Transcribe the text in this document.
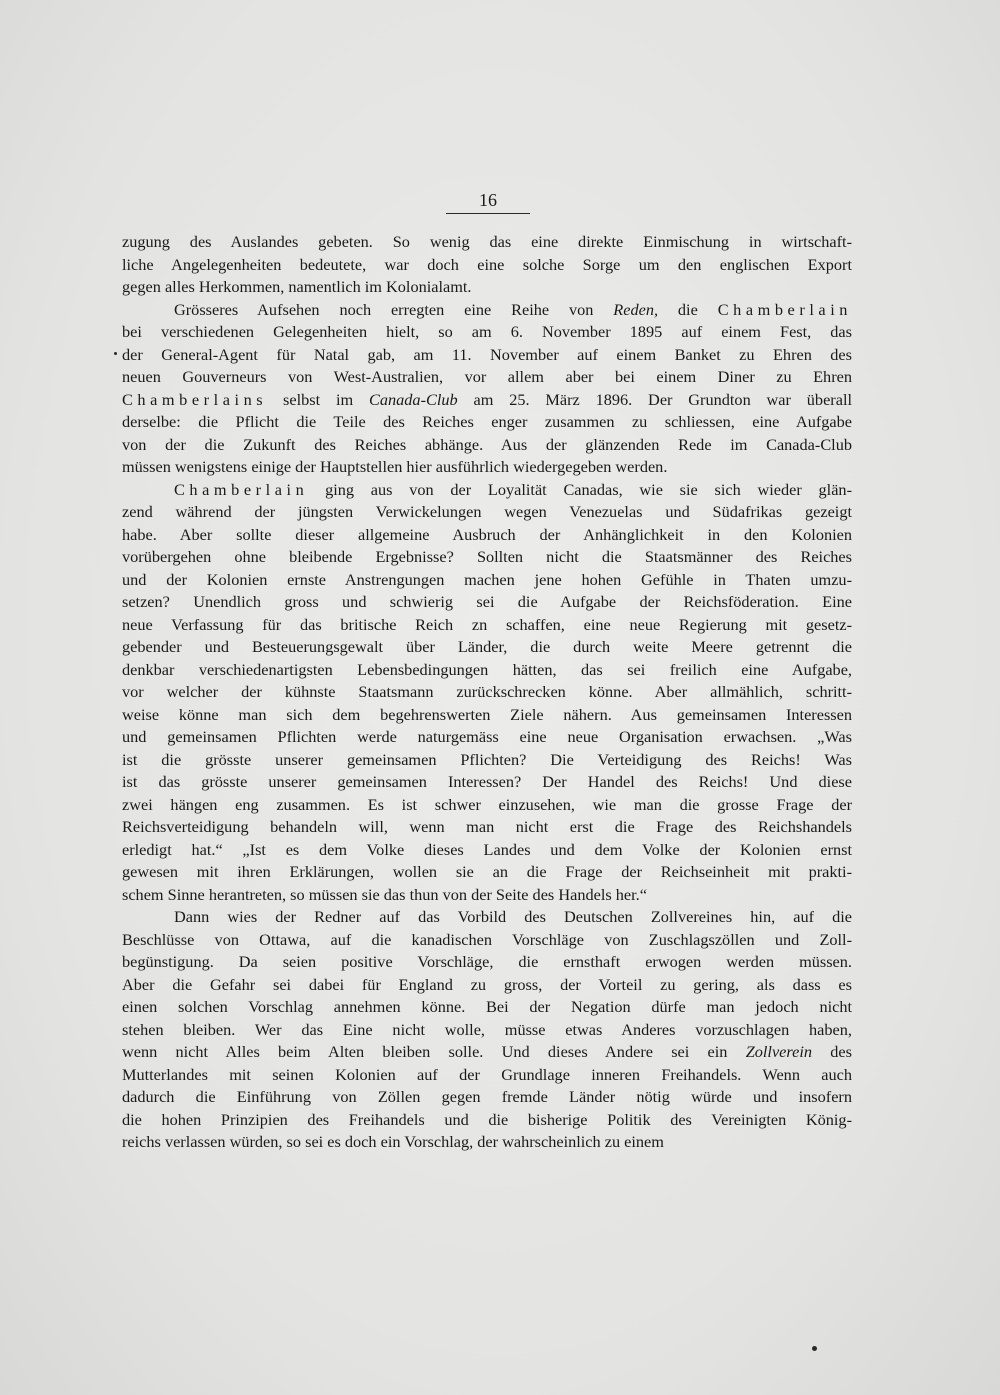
16
zugung des Auslandes gebeten. So wenig das eine direkte Einmischung in wirtschaft-
liche Angelegenheiten bedeutete, war doch eine solche Sorge um den englischen Export
gegen alles Herkommen, namentlich im Kolonialamt.
Grösseres Aufsehen noch erregten eine Reihe von Reden, die Chamberlain
bei verschiedenen Gelegenheiten hielt, so am 6. November 1895 auf einem Fest, das
der General-Agent für Natal gab, am 11. November auf einem Banket zu Ehren des
neuen Gouverneurs von West-Australien, vor allem aber bei einem Diner zu Ehren
Chamberlains selbst im Canada-Club am 25. März 1896. Der Grundton war überall
derselbe: die Pflicht die Teile des Reiches enger zusammen zu schliessen, eine Aufgabe
von der die Zukunft des Reiches abhänge. Aus der glänzenden Rede im Canada-Club
müssen wenigstens einige der Hauptstellen hier ausführlich wiedergegeben werden.
Chamberlain ging aus von der Loyalität Canadas, wie sie sich wieder glän-
zend während der jüngsten Verwickelungen wegen Venezuelas und Südafrikas gezeigt
habe. Aber sollte dieser allgemeine Ausbruch der Anhänglichkeit in den Kolonien
vorübergehen ohne bleibende Ergebnisse? Sollten nicht die Staatsmänner des Reiches
und der Kolonien ernste Anstrengungen machen jene hohen Gefühle in Thaten umzu-
setzen? Unendlich gross und schwierig sei die Aufgabe der Reichsföderation. Eine
neue Verfassung für das britische Reich zn schaffen, eine neue Regierung mit gesetz-
gebender und Besteuerungsgewalt über Länder, die durch weite Meere getrennt die
denkbar verschiedenartigsten Lebensbedingungen hätten, das sei freilich eine Aufgabe,
vor welcher der kühnste Staatsmann zurückschrecken könne. Aber allmählich, schritt-
weise könne man sich dem begehrenswerten Ziele nähern. Aus gemeinsamen Interessen
und gemeinsamen Pflichten werde naturgemäss eine neue Organisation erwachsen. „Was
ist die grösste unserer gemeinsamen Pflichten? Die Verteidigung des Reichs! Was
ist das grösste unserer gemeinsamen Interessen? Der Handel des Reichs! Und diese
zwei hängen eng zusammen. Es ist schwer einzusehen, wie man die grosse Frage der
Reichsverteidigung behandeln will, wenn man nicht erst die Frage des Reichshandels
erledigt hat.“ „Ist es dem Volke dieses Landes und dem Volke der Kolonien ernst
gewesen mit ihren Erklärungen, wollen sie an die Frage der Reichseinheit mit prakti-
schem Sinne herantreten, so müssen sie das thun von der Seite des Handels her.“
Dann wies der Redner auf das Vorbild des Deutschen Zollvereines hin, auf die
Beschlüsse von Ottawa, auf die kanadischen Vorschläge von Zuschlagszöllen und Zoll-
begünstigung. Da seien positive Vorschläge, die ernsthaft erwogen werden müssen.
Aber die Gefahr sei dabei für England zu gross, der Vorteil zu gering, als dass es
einen solchen Vorschlag annehmen könne. Bei der Negation dürfe man jedoch nicht
stehen bleiben. Wer das Eine nicht wolle, müsse etwas Anderes vorzuschlagen haben,
wenn nicht Alles beim Alten bleiben solle. Und dieses Andere sei ein Zollverein des
Mutterlandes mit seinen Kolonien auf der Grundlage inneren Freihandels. Wenn auch
dadurch die Einführung von Zöllen gegen fremde Länder nötig würde und insofern
die hohen Prinzipien des Freihandels und die bisherige Politik des Vereinigten König-
reichs verlassen würden, so sei es doch ein Vorschlag, der wahrscheinlich zu einem
